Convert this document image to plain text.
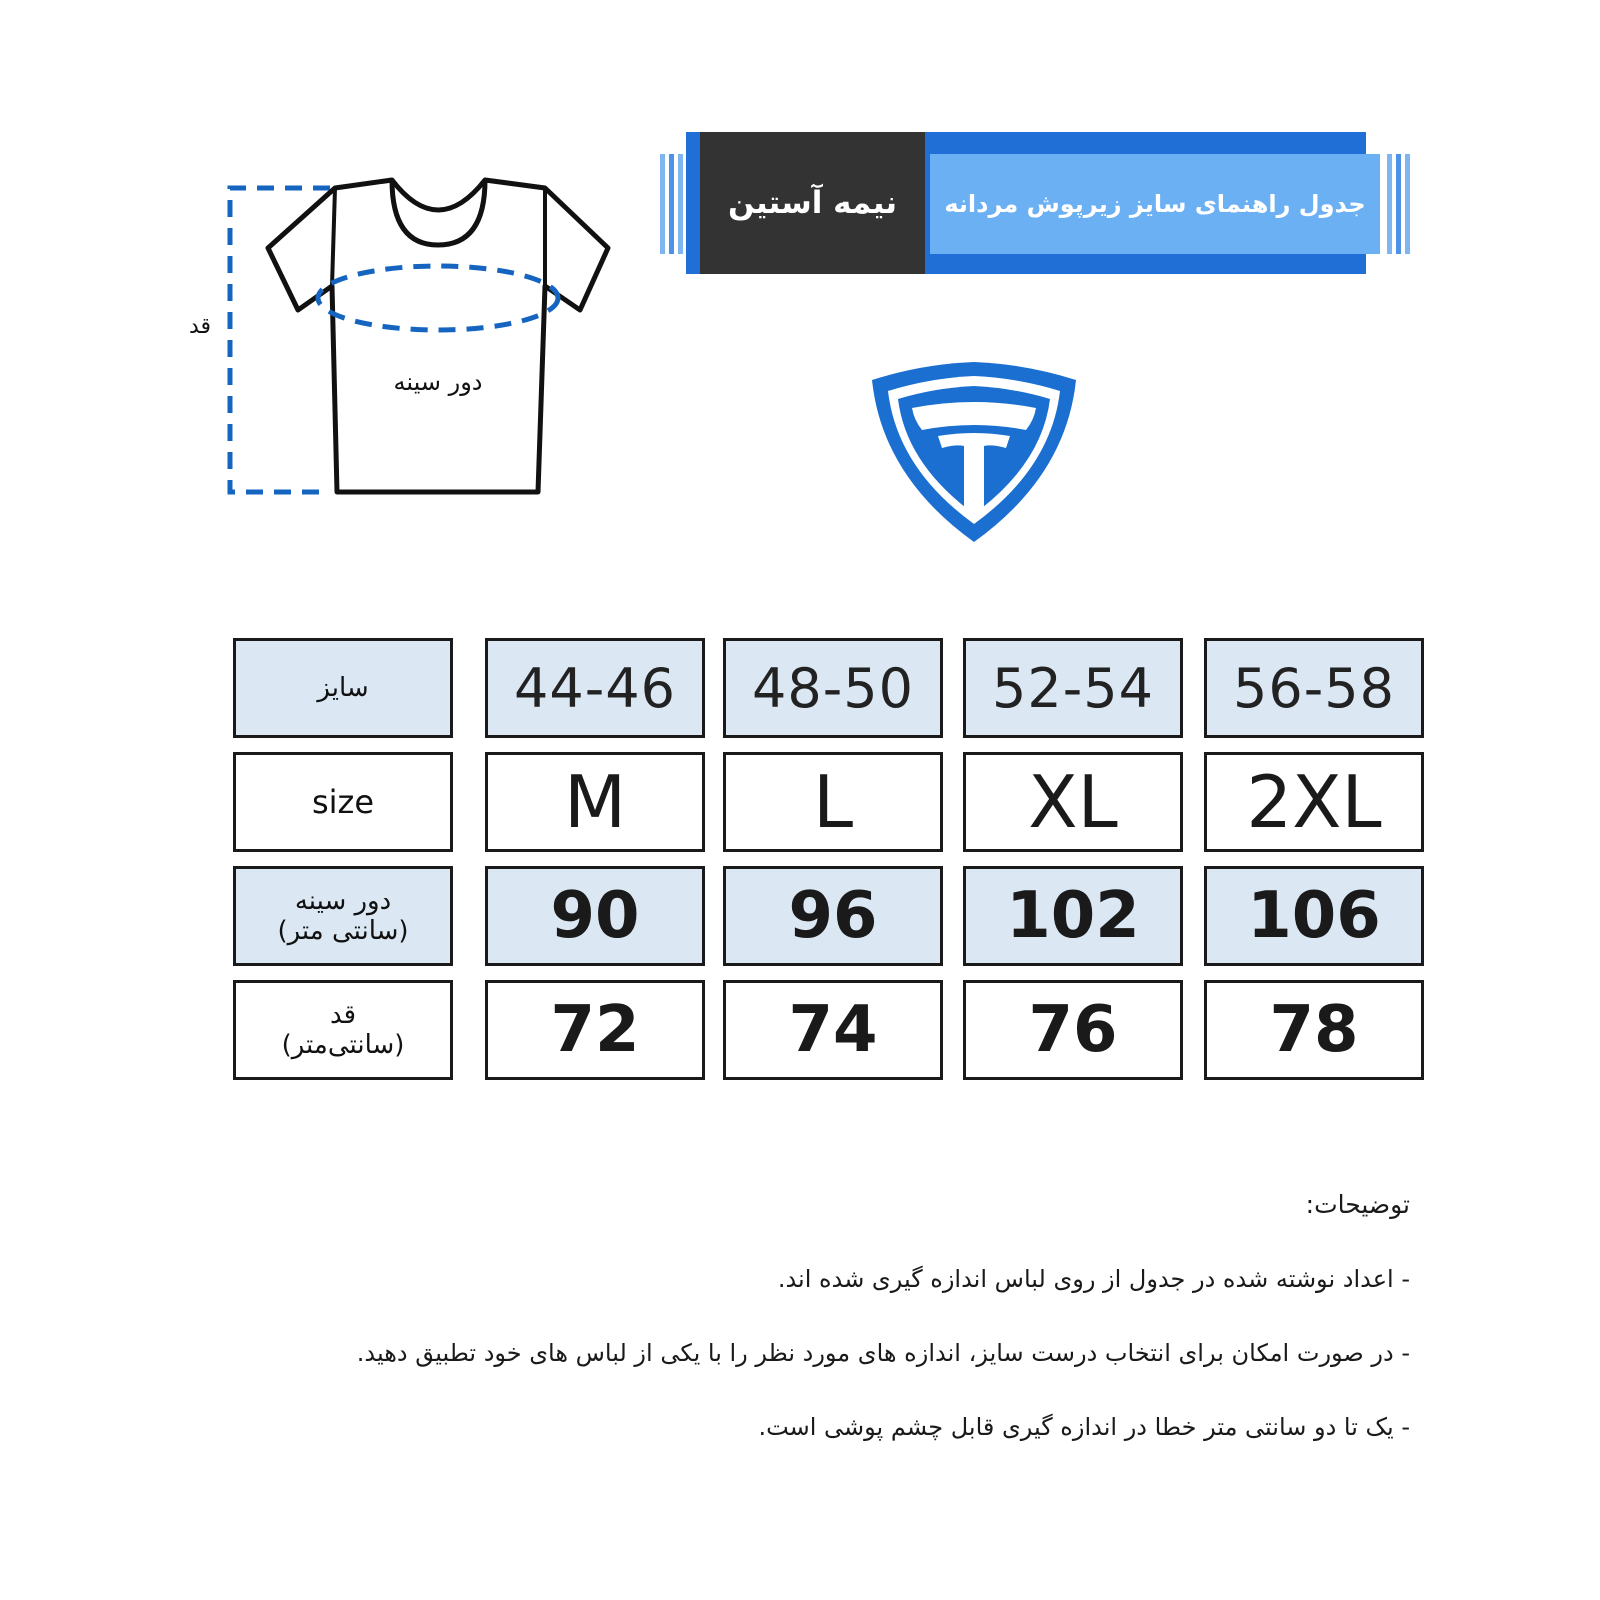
نیمه آستین	جدول راهنمای سایز زیرپوش مردانه
دور سینه
قد
سایز	44-46 48-50 52-54 56-58
size	M	L XL 2XL
دور سینه
(سانتی متر) 90 96 102 106
قد
(سانتی‌متر) 72 74 76 78
توضیحات:
- اعداد نوشته شده در جدول از روی لباس اندازه گیری شده اند.
- در صورت امکان برای انتخاب درست سایز، اندازه های مورد نظر را با یکی از لباس های خود تطبیق دهید.
- یک تا دو سانتی متر خطا در اندازه گیری قابل چشم پوشی است.
